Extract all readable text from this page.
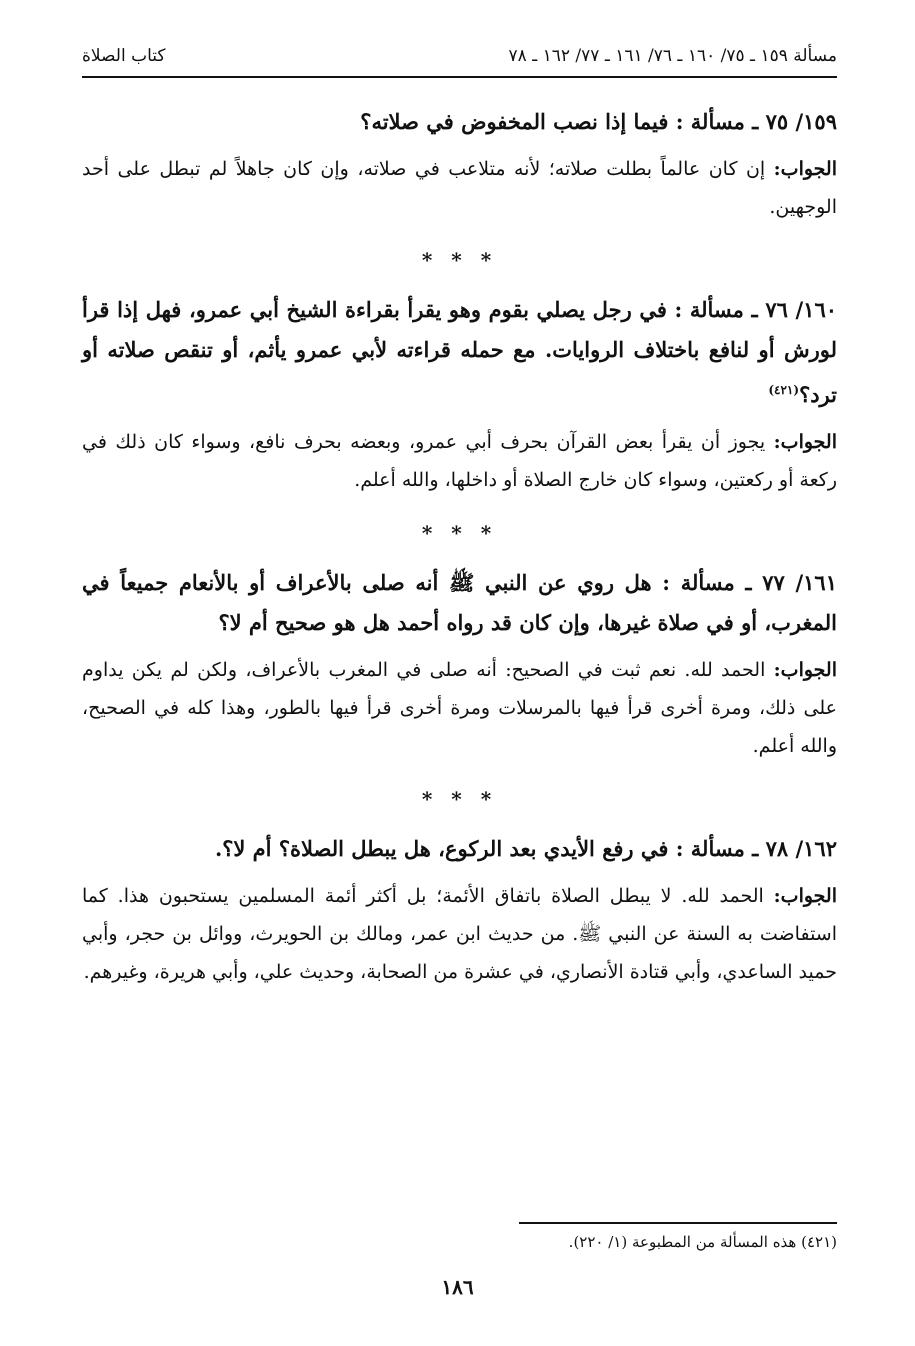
مسألة ١٥٩ ـ ٧٥/ ١٦٠ ـ ٧٦/ ١٦١ ـ ٧٧/ ١٦٢ ـ ٧٨
كتاب الصلاة
١٥٩/ ٧٥ ـ مسألة : فيما إذا نصب المخفوض في صلاته؟

الجواب: إن كان عالماً بطلت صلاته؛ لأنه متلاعب في صلاته، وإن كان جاهلاً لم تبطل على أحد الوجهين.

* * *
١٦٠/ ٧٦ ـ مسألة : في رجل يصلي بقوم وهو يقرأ بقراءة الشيخ أبي عمرو، فهل إذا قرأ لورش أو لنافع باختلاف الروايات. مع حمله قراءته لأبي عمرو يأثم، أو تنقص صلاته أو ترد؟$^{(٤٢١)}$

الجواب: يجوز أن يقرأ بعض القرآن بحرف أبي عمرو، وبعضه بحرف نافع، وسواء كان ذلك في ركعة أو ركعتين، وسواء كان خارج الصلاة أو داخلها، والله أعلم.

* * *
١٦١/ ٧٧ ـ مسألة : هل روي عن النبي ﷺ أنه صلى بالأعراف أو بالأنعام جميعاً في المغرب، أو في صلاة غيرها، وإن كان قد رواه أحمد هل هو صحيح أم لا؟

الجواب: الحمد لله. نعم ثبت في الصحيح: أنه صلى في المغرب بالأعراف، ولكن لم يكن يداوم على ذلك، ومرة أخرى قرأ فيها بالمرسلات ومرة أخرى قرأ فيها بالطور، وهذا كله في الصحيح، والله أعلم.

* * *
١٦٢/ ٧٨ ـ مسألة : في رفع الأيدي بعد الركوع، هل يبطل الصلاة؟ أم لا؟.

الجواب: الحمد لله. لا يبطل الصلاة باتفاق الأئمة؛ بل أكثر أئمة المسلمين يستحبون هذا. كما استفاضت به السنة عن النبي ﷺ. من حديث ابن عمر، ومالك بن الحويرث، ووائل بن حجر، وأبي حميد الساعدي، وأبي قتادة الأنصاري، في عشرة من الصحابة، وحديث علي، وأبي هريرة، وغيرهم.

(٤٢١) هذه المسألة من المطبوعة (١/ ٢٢٠).
١٨٦
